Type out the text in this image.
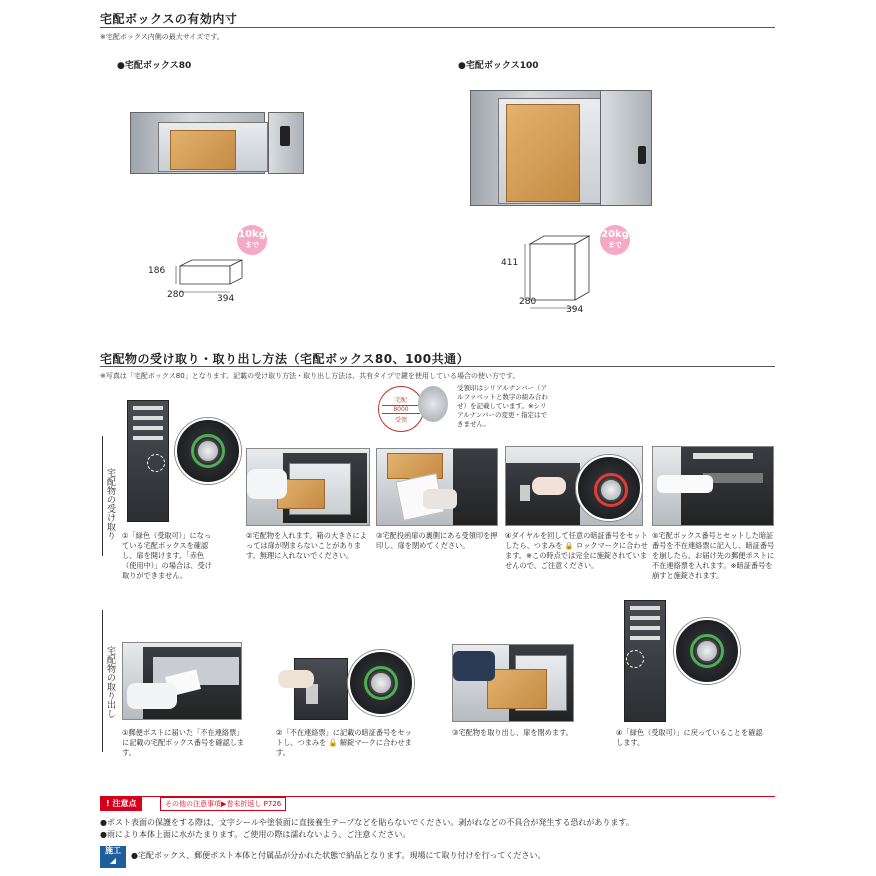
宅配ボックスの有効内寸
※宅配ボックス内側の最大サイズです。
●宅配ボックス80
10kg
まで
186
280	394
●宅配ボックス100
20kg
まで
411
280
394
宅配物の受け取り・取り出し方法（宅配ボックス80、100共通）
※写真は「宅配ボックス80」となります。記載の受け取り方法・取り出し方法は、共有タイプで鍵を使用している場合の使い方です。
宅配
8000
受領
受領印はシリアルナンバー（アルファベットと数字の組み合わせ）を記載しています。※シリアルナンバーの変更・指定はできません。
宅配物の受け取り ①「緑色（受取可）」になっている宅配ボックスを確認し、扉を開けます。「赤色（使用中）」の場合は、受け取りができません。
②宅配物を入れます。箱の大きさによっては扉が閉まらないことがあります。無理に入れないでください。
③宅配投函扉の裏側にある受領印を押印し、扉を閉めてください。
④ダイヤルを回して任意の暗証番号をセットしたら、つまみを 🔒 ロックマークに合わせます。※この時点では完全に施錠されていませんので、ご注意ください。
⑤宅配ボックス番号とセットした暗証番号を不在連絡票に記入し、暗証番号を崩したら、お届け先の郵便ポストに不在連絡票を入れます。※暗証番号を崩すと施錠されます。
宅配物の取り出し
①郵便ポストに届いた「不在連絡票」に記載の宅配ボックス番号を確認します。
②「不在連絡票」に記載の暗証番号をセットし、つまみを 🔓 解錠マークに合わせます。
③宅配物を取り出し、扉を閉めます。	④「緑色（受取可）」に戻っていることを確認します。
! 注意点	その他の注意事項▶巻末折返し P726
●ポスト表面の保護をする際は、文字シールや塗装面に直接養生テープなどを貼らないでください。剥がれなどの不具合が発生する恐れがあります。
●雨により本体上面に水がたまります。ご使用の際は濡れないよう、ご注意ください。
施工
◢
●宅配ボックス、郵便ポスト本体と付属品が分かれた状態で納品となります。現場にて取り付けを行ってください。
